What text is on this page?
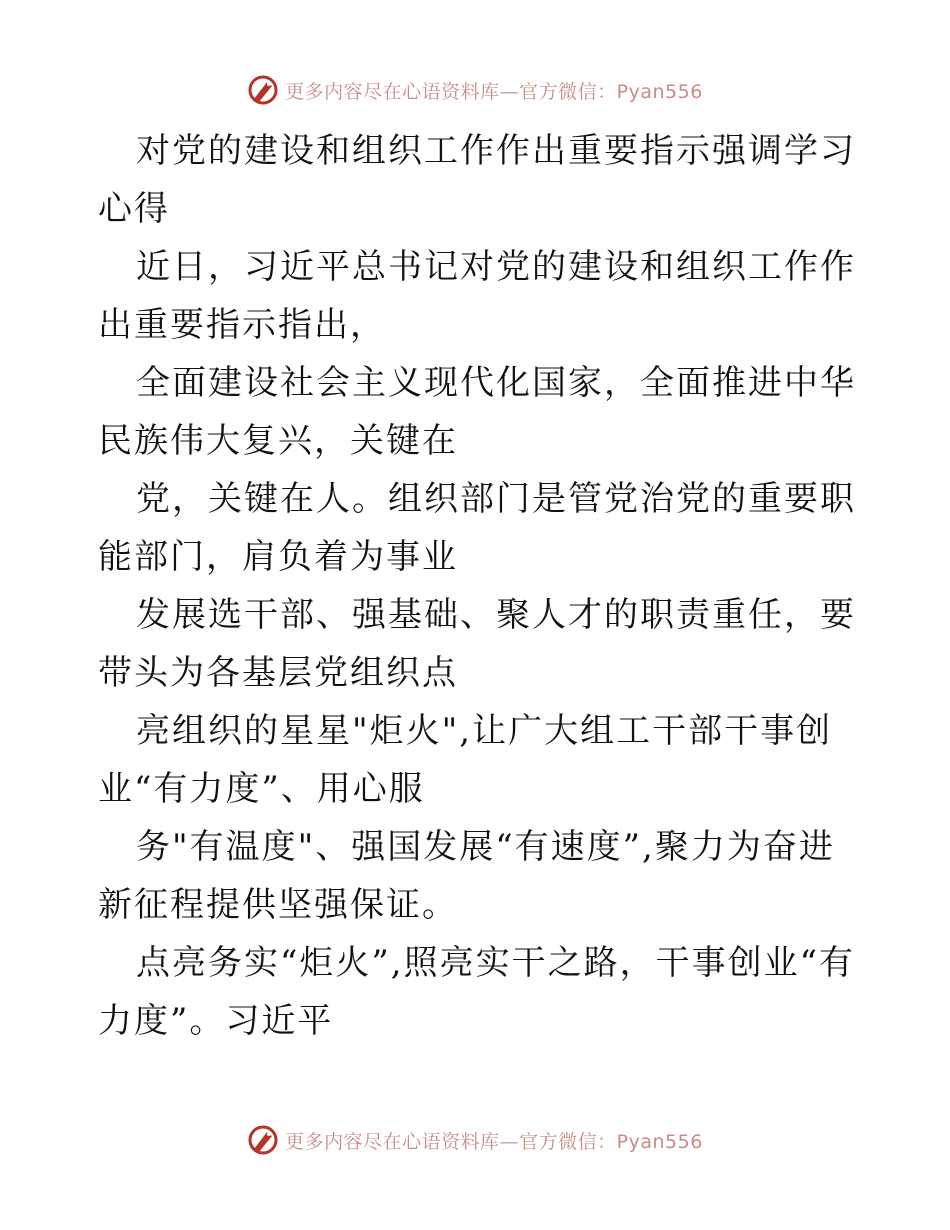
更多内容尽在心语资料库—官方微信：Pyan556

对党的建设和组织工作作出重要指示强调学习心得

近日，习近平总书记对党的建设和组织工作作出重要指示指出，

全面建设社会主义现代化国家，全面推进中华民族伟大复兴，关键在

党，关键在人。组织部门是管党治党的重要职能部门，肩负着为事业

发展选干部、强基础、聚人才的职责重任，要带头为各基层党组织点

亮组织的星星"炬火",让广大组工干部干事创业“有力度”、用心服

务"有温度"、强国发展“有速度”,聚力为奋进新征程提供坚强保证。

点亮务实“炬火”,照亮实干之路，干事创业“有力度”。习近平

更多内容尽在心语资料库—官方微信：Pyan556
